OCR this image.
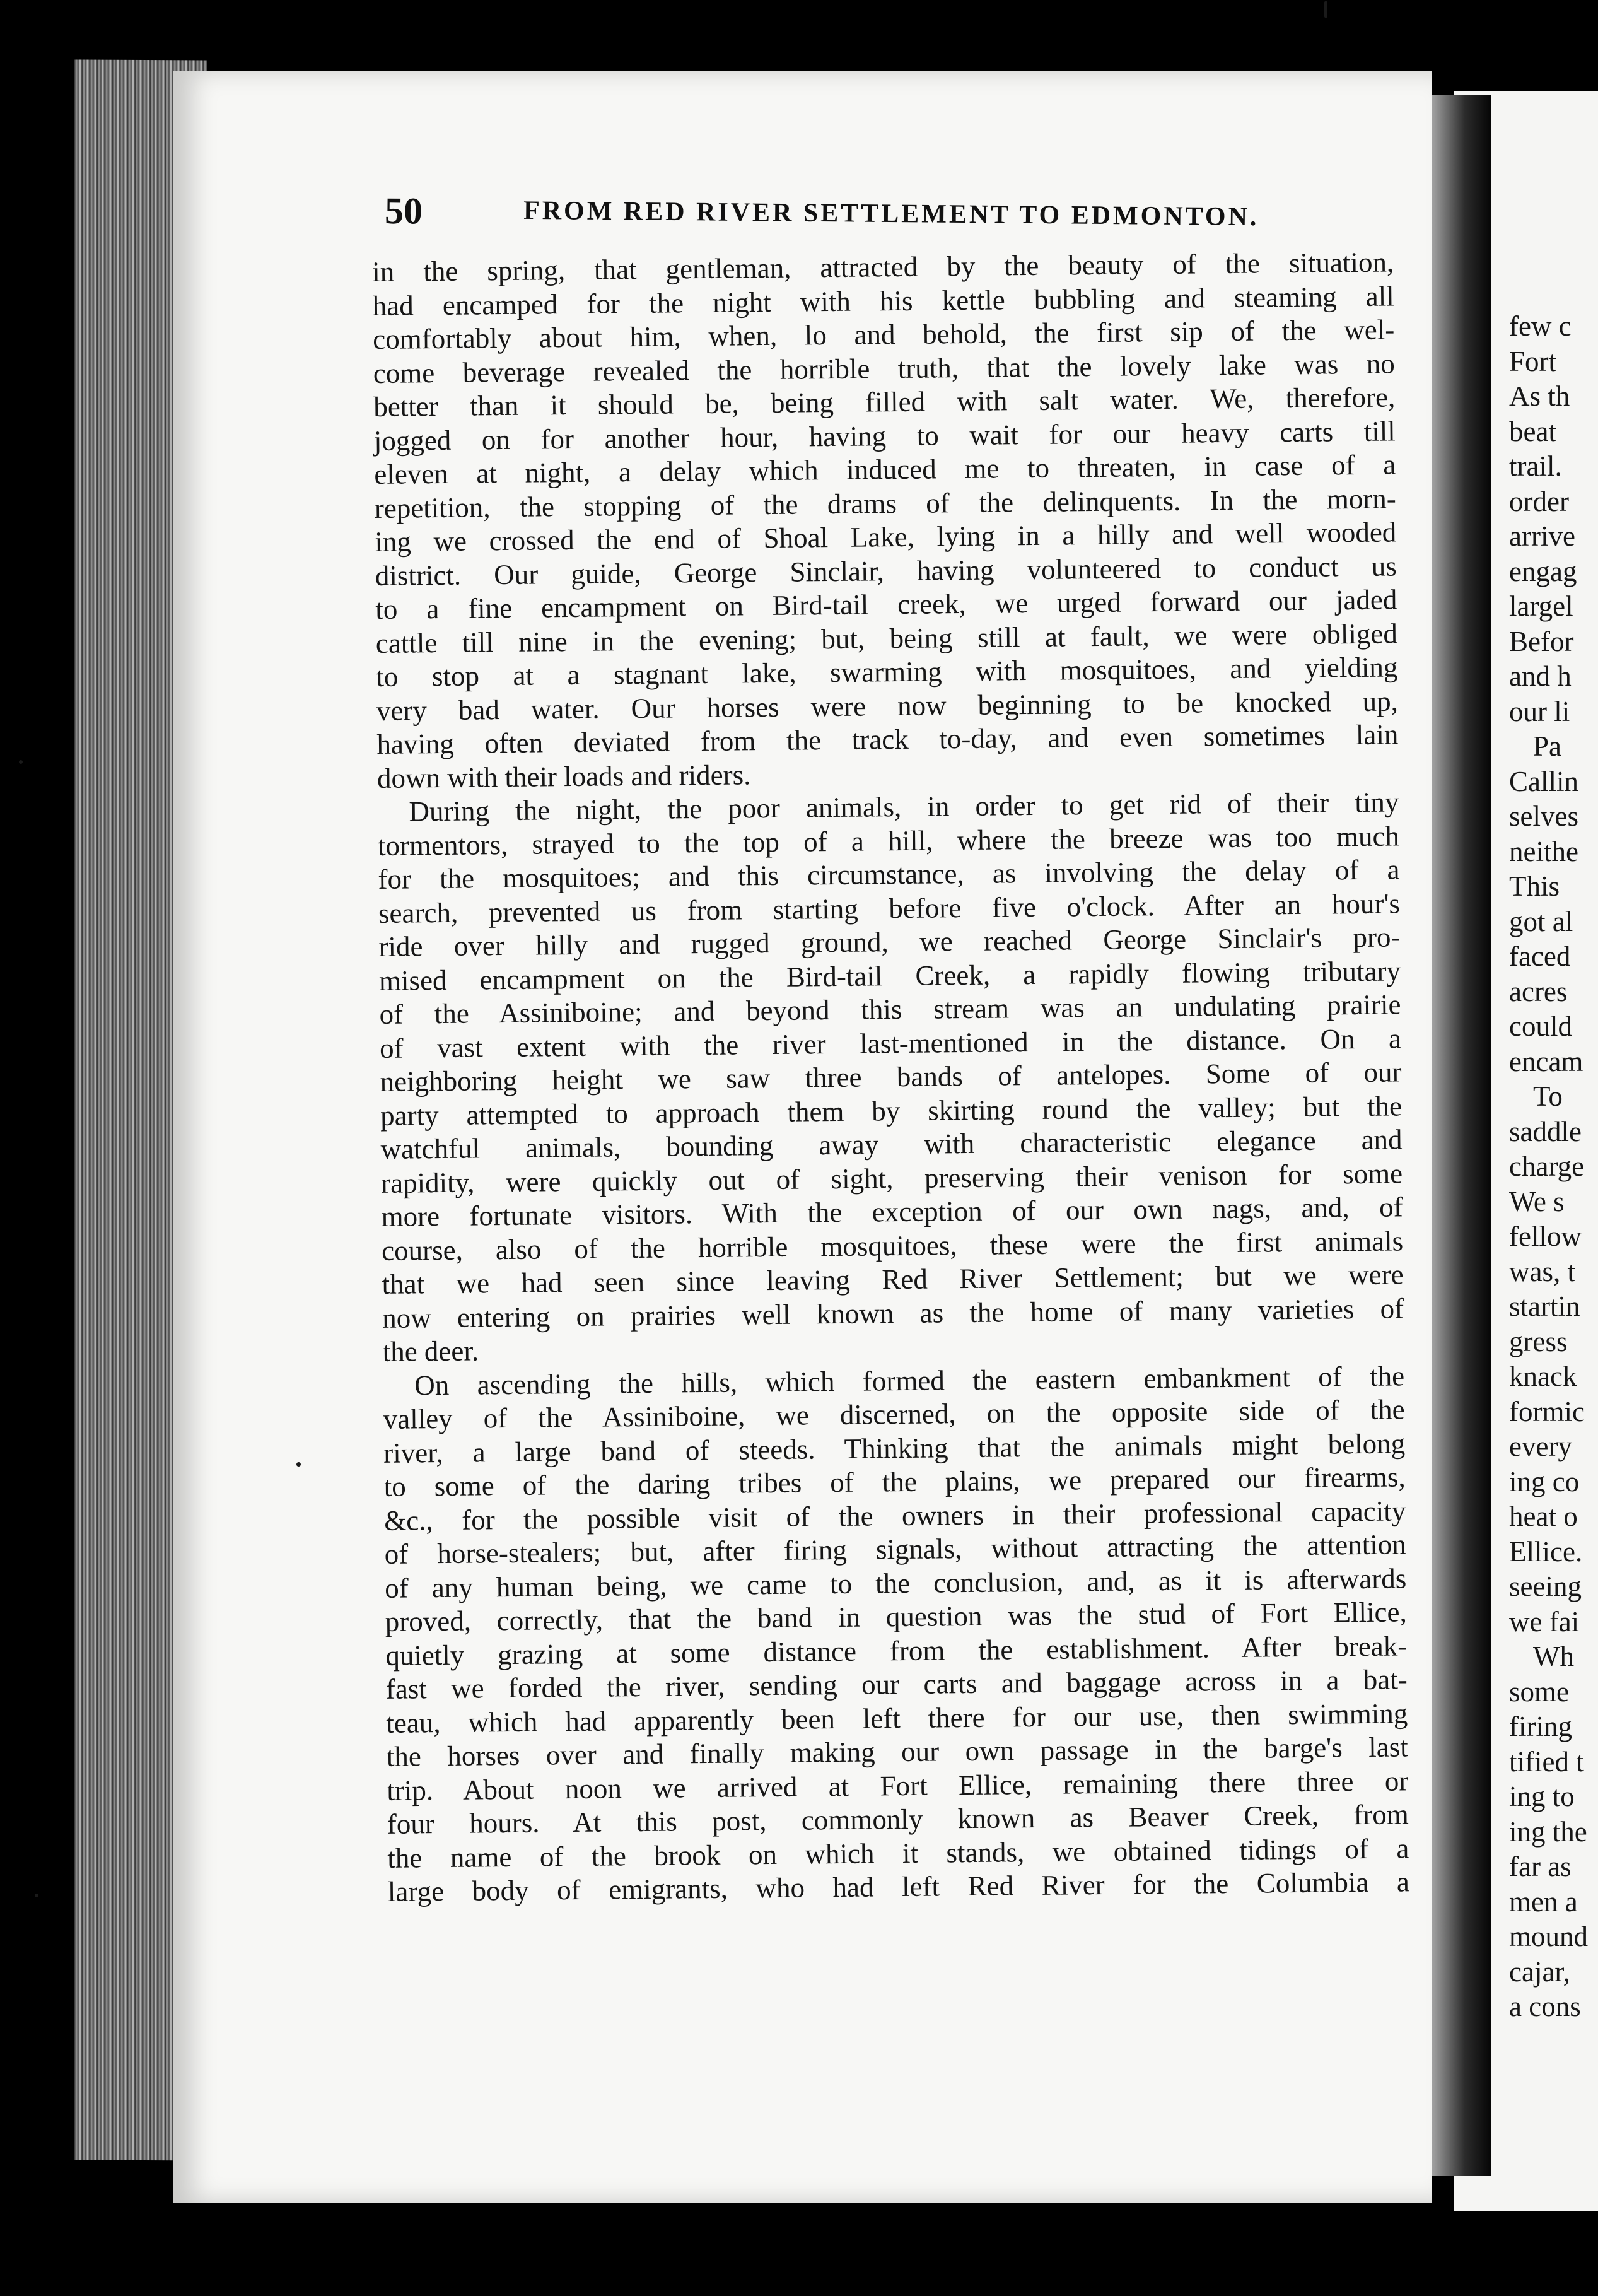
few c
Fort
As th
beat
trail.
order
arrive
engag
largel
Befor
and h
our li
Pa
Callin
selves
neithe
This
got al
faced
acres
could
encam
To
saddle
charge
We s
fellow
was, t
startin
gress
knack
formic
every
ing co
heat o
Ellice.
seeing
we fai
Wh
some
firing
tified t
ing to
ing the
far as
men a
mound
cajar,
a cons
50	FROM RED RIVER SETTLEMENT TO EDMONTON.
in the spring, that gentleman, attracted by the beauty of the situation,
had encamped for the night with his kettle bubbling and steaming all
comfortably about him, when, lo and behold, the first sip of the wel-
come beverage revealed the horrible truth, that the lovely lake was no
better than it should be, being filled with salt water. We, therefore,
jogged on for another hour, having to wait for our heavy carts till
eleven at night, a delay which induced me to threaten, in case of a
repetition, the stopping of the drams of the delinquents. In the morn-
ing we crossed the end of Shoal Lake, lying in a hilly and well wooded
district. Our guide, George Sinclair, having volunteered to conduct us
to a fine encampment on Bird-tail creek, we urged forward our jaded
cattle till nine in the evening; but, being still at fault, we were obliged
to stop at a stagnant lake, swarming with mosquitoes, and yielding
very bad water. Our horses were now beginning to be knocked up,
having often deviated from the track to-day, and even sometimes lain
down with their loads and riders.
During the night, the poor animals, in order to get rid of their tiny
tormentors, strayed to the top of a hill, where the breeze was too much
for the mosquitoes; and this circumstance, as involving the delay of a
search, prevented us from starting before five o'clock. After an hour's
ride over hilly and rugged ground, we reached George Sinclair's pro-
mised encampment on the Bird-tail Creek, a rapidly flowing tributary
of the Assiniboine; and beyond this stream was an undulating prairie
of vast extent with the river last-mentioned in the distance. On a
neighboring height we saw three bands of antelopes. Some of our
party attempted to approach them by skirting round the valley; but the
watchful animals, bounding away with characteristic elegance and
rapidity, were quickly out of sight, preserving their venison for some
more fortunate visitors. With the exception of our own nags, and, of
course, also of the horrible mosquitoes, these were the first animals
that we had seen since leaving Red River Settlement; but we were
now entering on prairies well known as the home of many varieties of
the deer.
On ascending the hills, which formed the eastern embankment of the
valley of the Assiniboine, we discerned, on the opposite side of the
river, a large band of steeds. Thinking that the animals might belong
to some of the daring tribes of the plains, we prepared our firearms,
&c., for the possible visit of the owners in their professional capacity
of horse-stealers; but, after firing signals, without attracting the attention
of any human being, we came to the conclusion, and, as it is afterwards
proved, correctly, that the band in question was the stud of Fort Ellice,
quietly grazing at some distance from the establishment. After break-
fast we forded the river, sending our carts and baggage across in a bat-
teau, which had apparently been left there for our use, then swimming
the horses over and finally making our own passage in the barge's last
trip. About noon we arrived at Fort Ellice, remaining there three or
four hours. At this post, commonly known as Beaver Creek, from
the name of the brook on which it stands, we obtained tidings of a
large body of emigrants, who had left Red River for the Columbia a
